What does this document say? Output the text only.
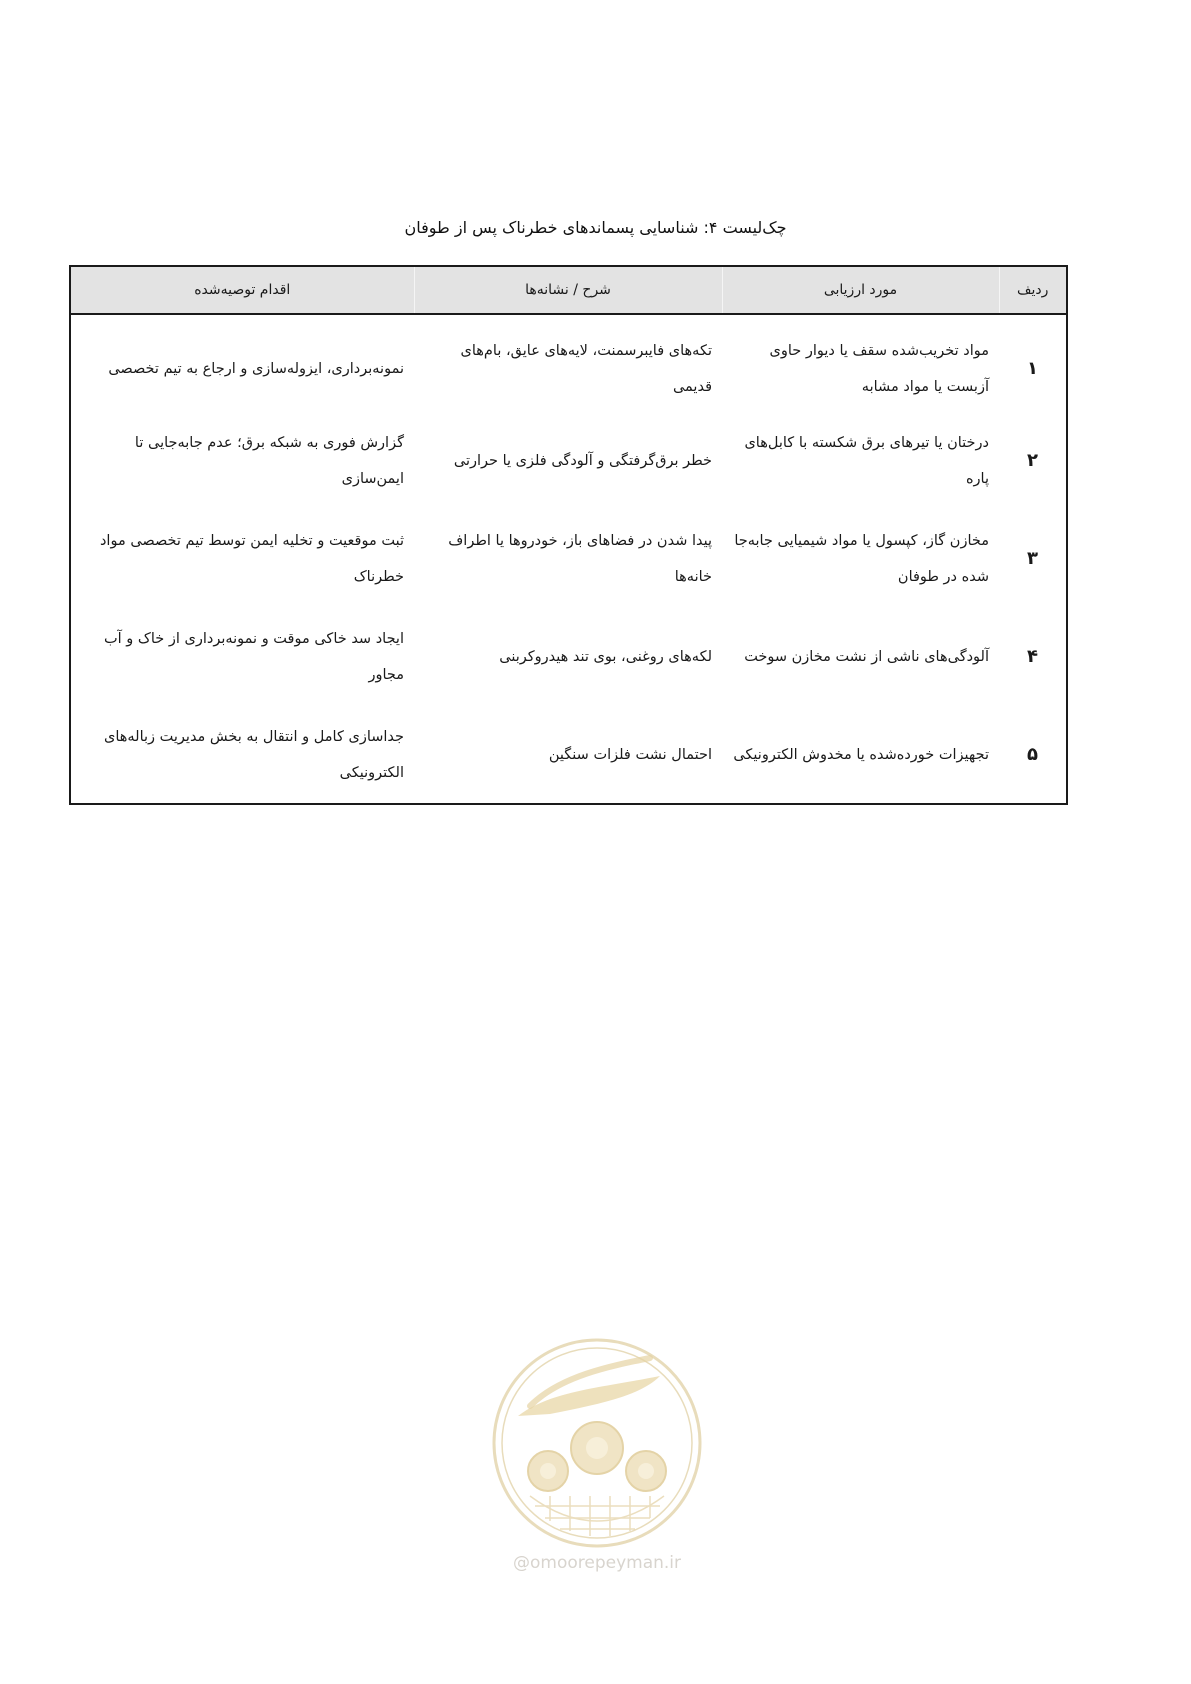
چک‌لیست ۴: شناسایی پسماندهای خطرناک پس از طوفان
ردیف	مورد ارزیابی	شرح / نشانه‌ها	اقدام توصیه‌شده
۱	مواد تخریب‌شده سقف یا دیوار حاوی آزبست یا مواد مشابه	تکه‌های فایبرسمنت، لایه‌های عایق، بام‌های قدیمی	نمونه‌برداری، ایزوله‌سازی و ارجاع به تیم تخصصی
۲	درختان یا تیرهای برق شکسته با کابل‌های پاره	خطر برق‌گرفتگی و آلودگی فلزی یا حرارتی	گزارش فوری به شبکه برق؛ عدم جابه‌جایی تا ایمن‌سازی
۳	مخازن گاز، کپسول یا مواد شیمیایی جابه‌جا شده در طوفان	پیدا شدن در فضاهای باز، خودروها یا اطراف خانه‌ها	ثبت موقعیت و تخلیه ایمن توسط تیم تخصصی مواد خطرناک
۴	آلودگی‌های ناشی از نشت مخازن سوخت	لکه‌های روغنی، بوی تند هیدروکربنی	ایجاد سد خاکی موقت و نمونه‌برداری از خاک و آب مجاور
۵	تجهیزات خورده‌شده یا مخدوش الکترونیکی	احتمال نشت فلزات سنگین	جداسازی کامل و انتقال به بخش مدیریت زباله‌های الکترونیکی
@omoorepeyman.ir
